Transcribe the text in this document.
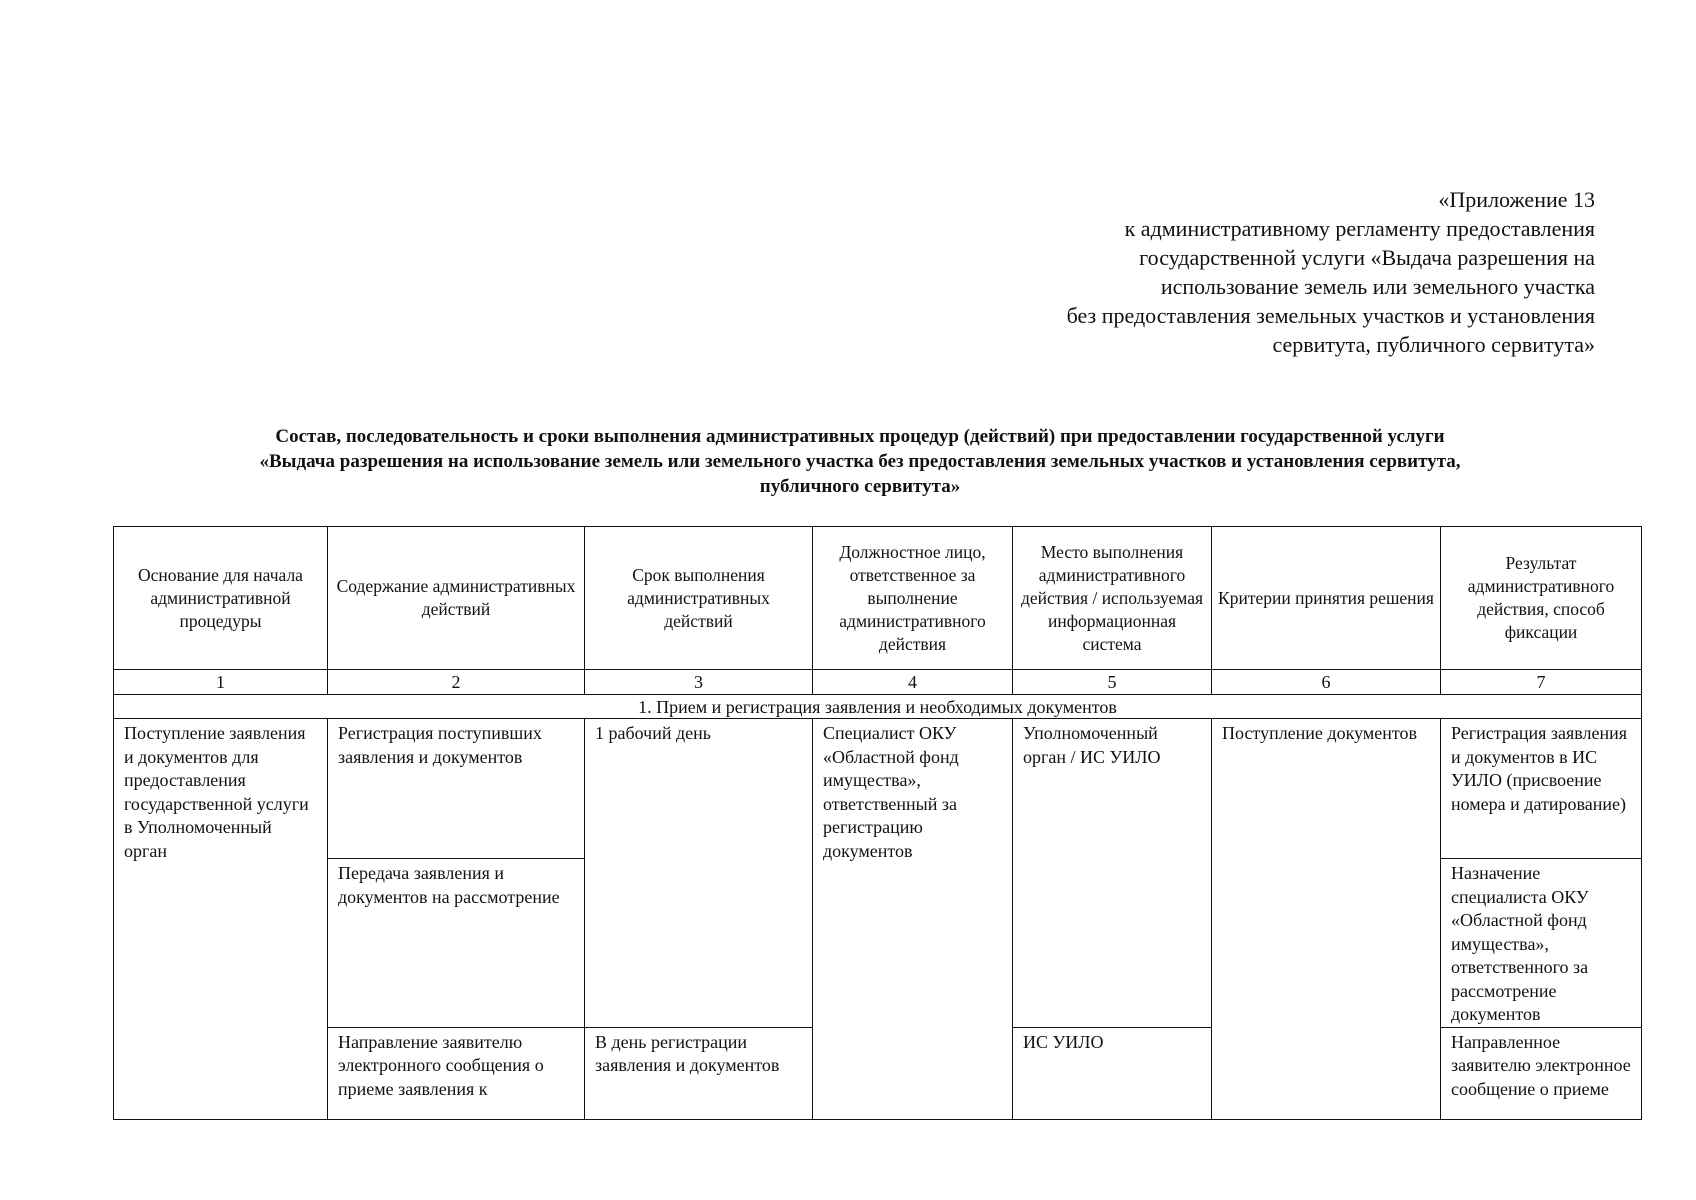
«Приложение 13
к административному регламенту предоставления
государственной услуги «Выдача разрешения на
использование земель или земельного участка
без предоставления земельных участков и установления
сервитута, публичного сервитута»
Состав, последовательность и сроки выполнения административных процедур (действий) при предоставлении государственной услуги
«Выдача разрешения на использование земель или земельного участка без предоставления земельных участков и установления сервитута,
публичного сервитута»
Основание для начала административной процедуры	Содержание административных действий	Срок выполнения административных действий	Должностное лицо, ответственное за выполнение административного действия	Место выполнения административного действия / используемая информационная система	Критерии принятия решения	Результат административного действия, способ фиксации
1	2	3	4	5	6	7
1. Прием и регистрация заявления и необходимых документов						
Поступление заявления и документов для предоставления государственной услуги в Уполномоченный орган	Регистрация поступивших заявления и документов	1 рабочий день	Специалист ОКУ «Областной фонд имущества», ответственный за регистрацию документов	Уполномоченный орган / ИС УИЛО	Поступление документов	Регистрация заявления и документов в ИС УИЛО (присвоение номера и датирование)
	Передача заявления и документов на рассмотрение					Назначение специалиста ОКУ «Областной фонд имущества», ответственного за рассмотрение документов
	Направление заявителю электронного сообщения о приеме заявления к	В день регистрации заявления и документов		ИС УИЛО		Направленное заявителю электронное сообщение о приеме
